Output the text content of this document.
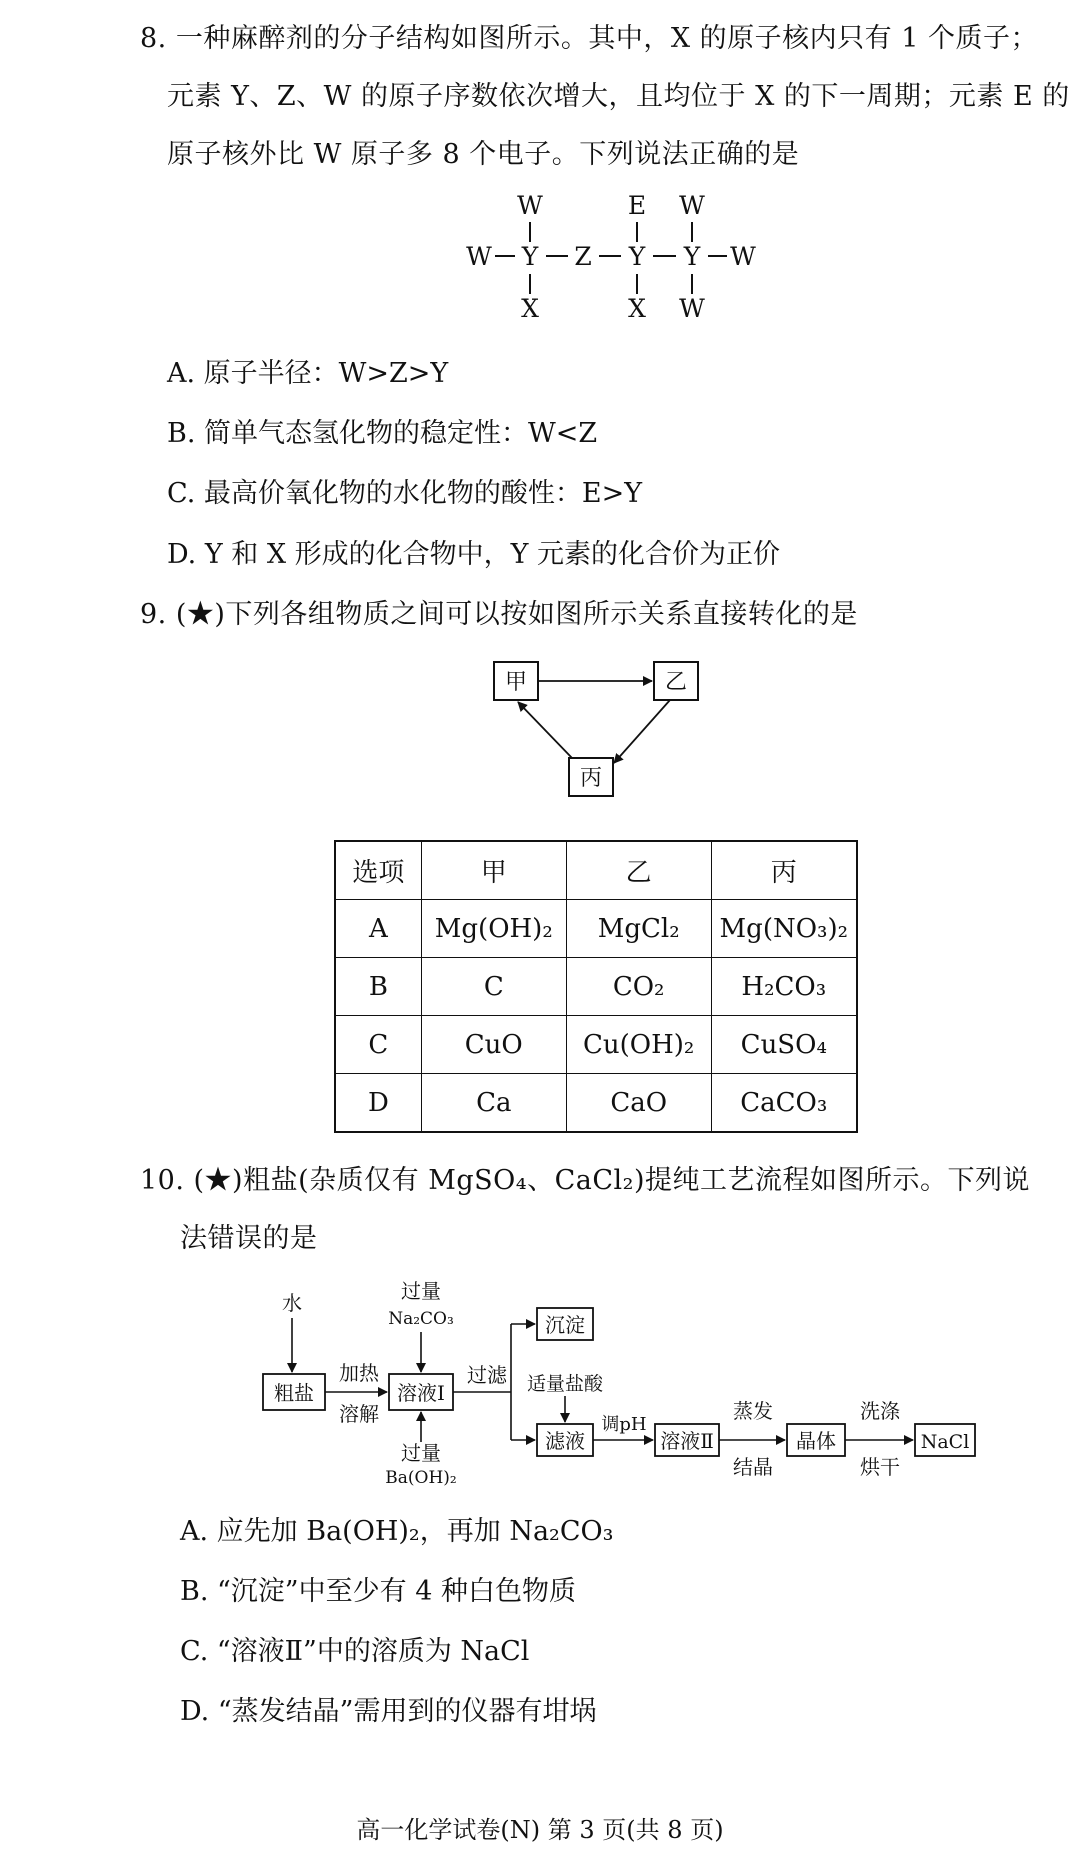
8. 一种麻醉剂的分子结构如图所示。其中，X 的原子核内只有 1 个质子；
元素 Y、Z、W 的原子序数依次增大，且均位于 X 的下一周期；元素 E 的
原子核外比 W 原子多 8 个电子。下列说法正确的是
W	E W
W Y Z Y Y W
X	X W
A. 原子半径：W>Z>Y
B. 简单气态氢化物的稳定性：W<Z
C. 最高价氧化物的水化物的酸性：E>Y
D. Y 和 X 形成的化合物中，Y 元素的化合价为正价
9. (★)下列各组物质之间可以按如图所示关系直接转化的是
甲	乙
丙
选项	甲	乙	丙
A	Mg(OH)₂	MgCl₂	Mg(NO₃)₂
B	C	CO₂	H₂CO₃
C	CuO	Cu(OH)₂	CuSO₄
D	Ca	CaO	CaCO₃
10. (★)粗盐(杂质仅有 MgSO₄、CaCl₂)提纯工艺流程如图所示。下列说
法错误的是
水
粗盐
加热
溶解
过量
Na₂CO₃
溶液Ⅰ
过量
Ba(OH)₂
过滤
沉淀
适量盐酸
滤液
调pH
溶液Ⅱ
蒸发
结晶
晶体
洗涤
烘干
NaCl
A. 应先加 Ba(OH)₂，再加 Na₂CO₃
B. “沉淀”中至少有 4 种白色物质
C. “溶液Ⅱ”中的溶质为 NaCl
D. “蒸发结晶”需用到的仪器有坩埚
高一化学试卷(N) 第 3 页(共 8 页)
